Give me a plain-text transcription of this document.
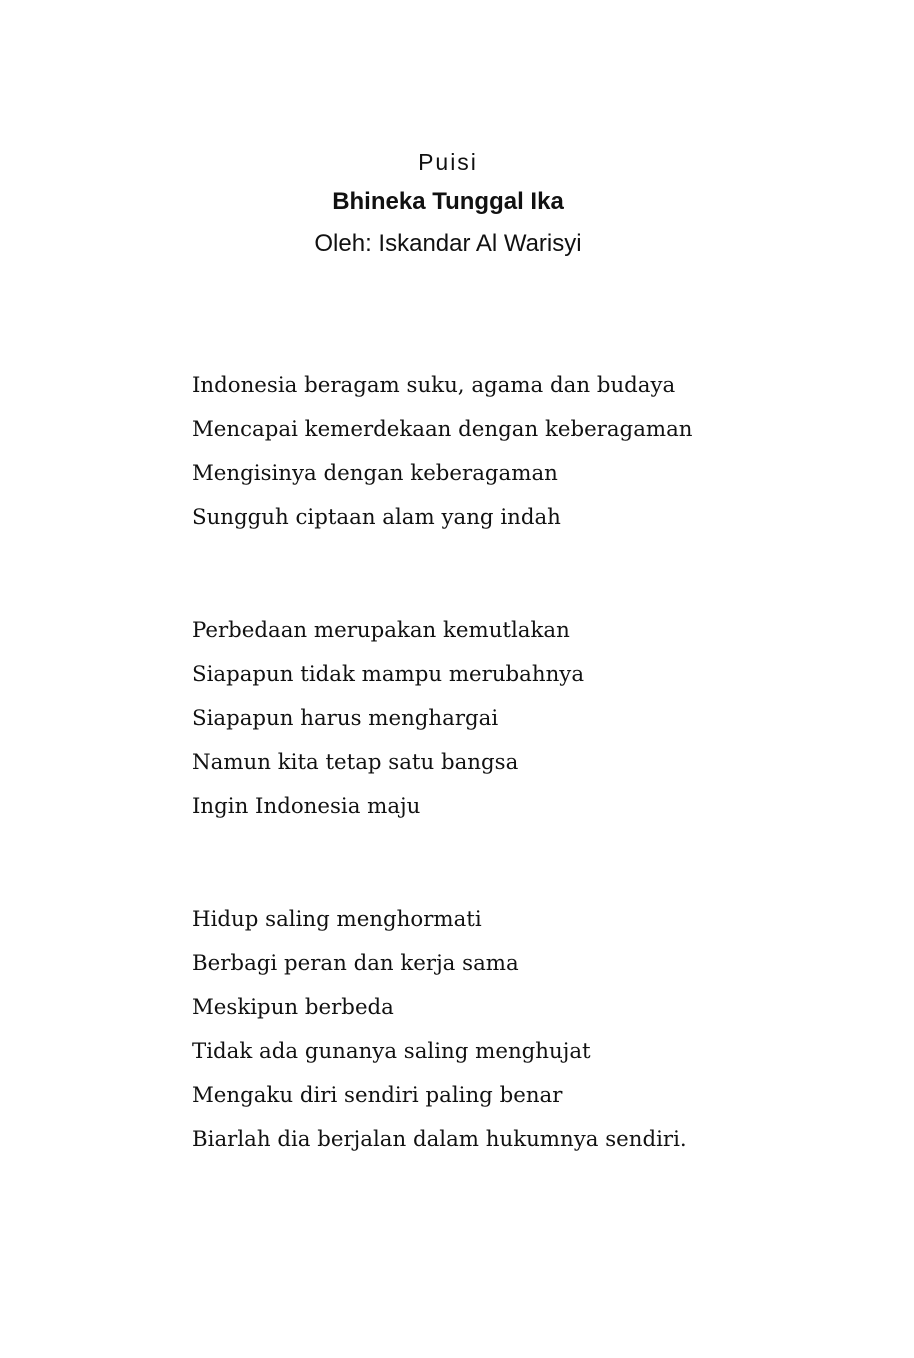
Puisi
Bhineka Tunggal Ika
Oleh: Iskandar Al Warisyi
Indonesia beragam suku, agama dan budaya
Mencapai kemerdekaan dengan keberagaman
Mengisinya dengan keberagaman
Sungguh ciptaan alam yang indah
Perbedaan merupakan kemutlakan
Siapapun tidak mampu merubahnya
Siapapun harus menghargai
Namun kita tetap satu bangsa
Ingin Indonesia maju
Hidup saling menghormati
Berbagi peran dan kerja sama
Meskipun berbeda
Tidak ada gunanya saling menghujat
Mengaku diri sendiri paling benar
Biarlah dia berjalan dalam hukumnya sendiri.
